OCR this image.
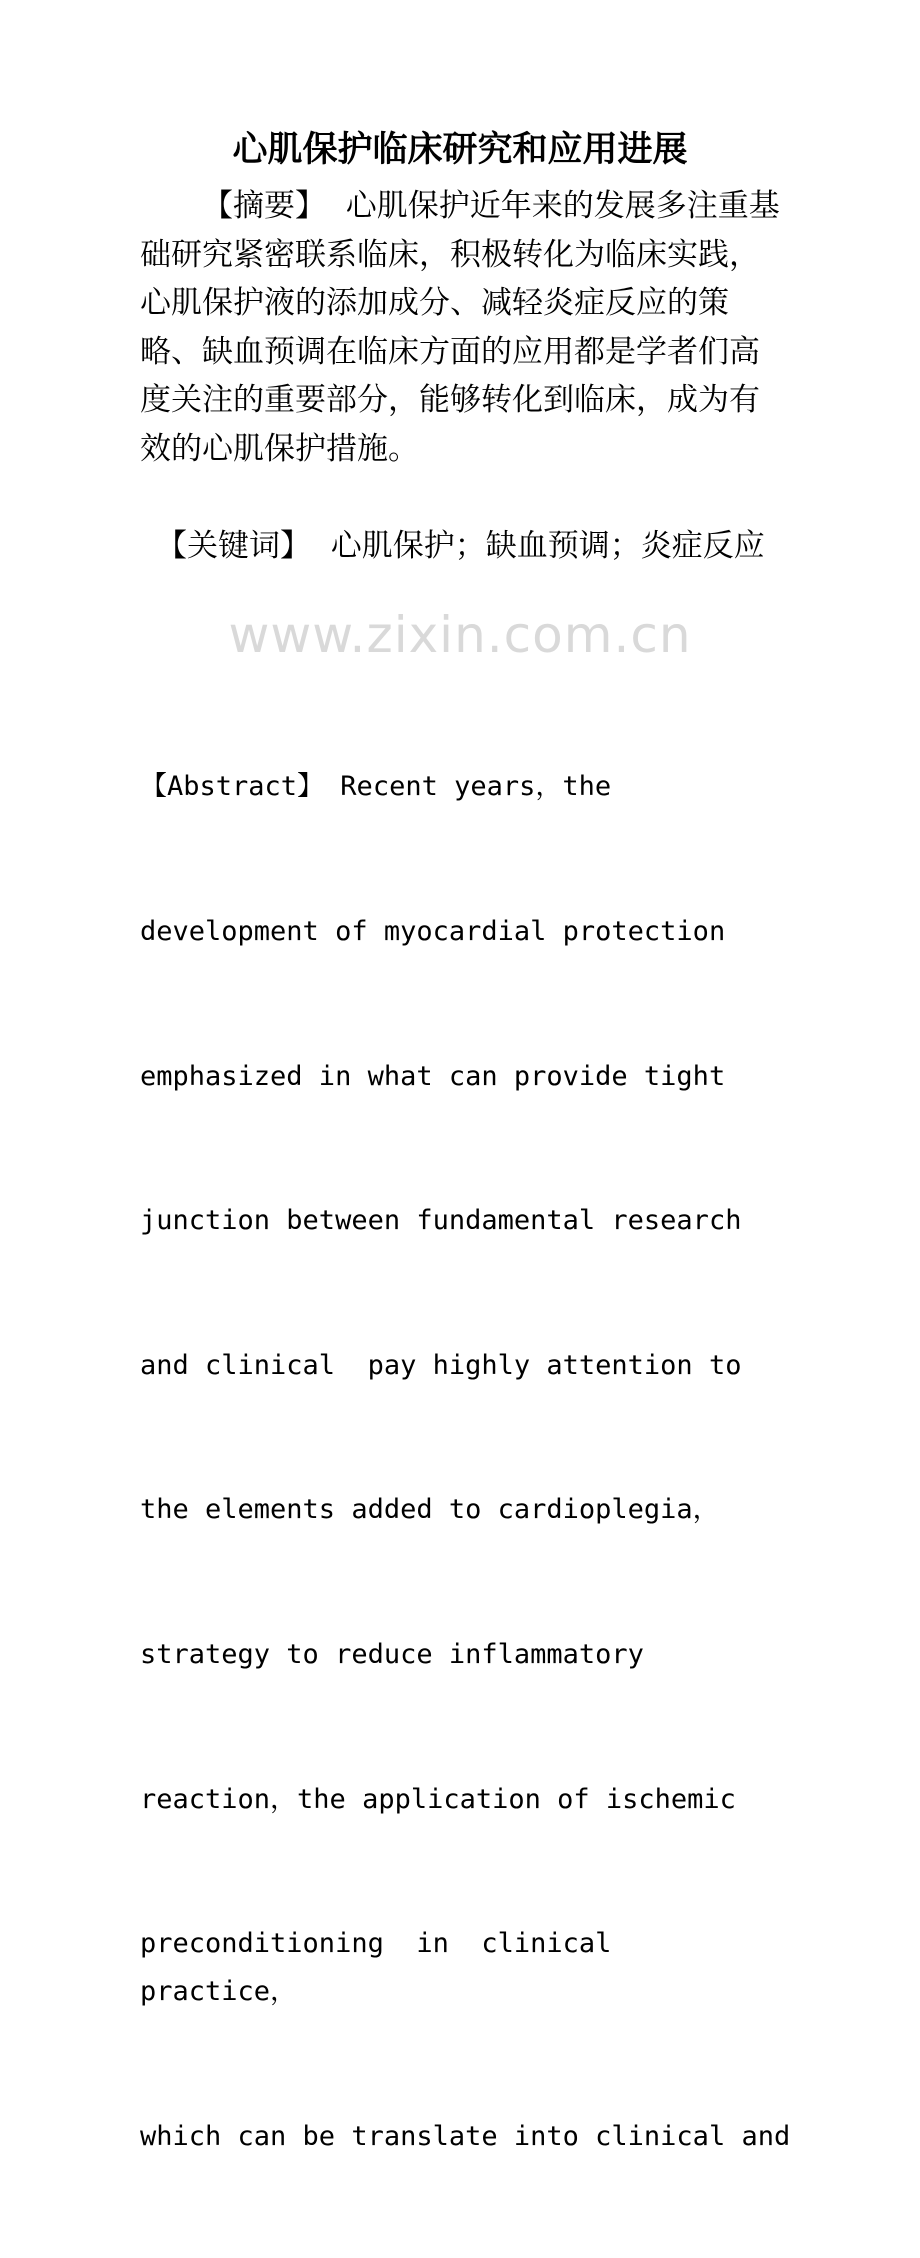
心肌保护临床研究和应用进展

【摘要】 心肌保护近年来的发展多注重基础研究紧密联系临床，积极转化为临床实践，心肌保护液的添加成分、减轻炎症反应的策略、缺血预调在临床方面的应用都是学者们高度关注的重要部分，能够转化到临床，成为有效的心肌保护措施。

【关键词】 心肌保护；缺血预调；炎症反应

www.zixin.com.cn

【Abstract】 Recent years，the

development of myocardial protection

emphasized in what can provide tight

junction between fundamental research

and clinical  pay highly attention to

the elements added to cardioplegia，

strategy to reduce inflammatory

reaction，the application of ischemic

preconditioning  in  clinical  practice，

which can be translate into clinical and
